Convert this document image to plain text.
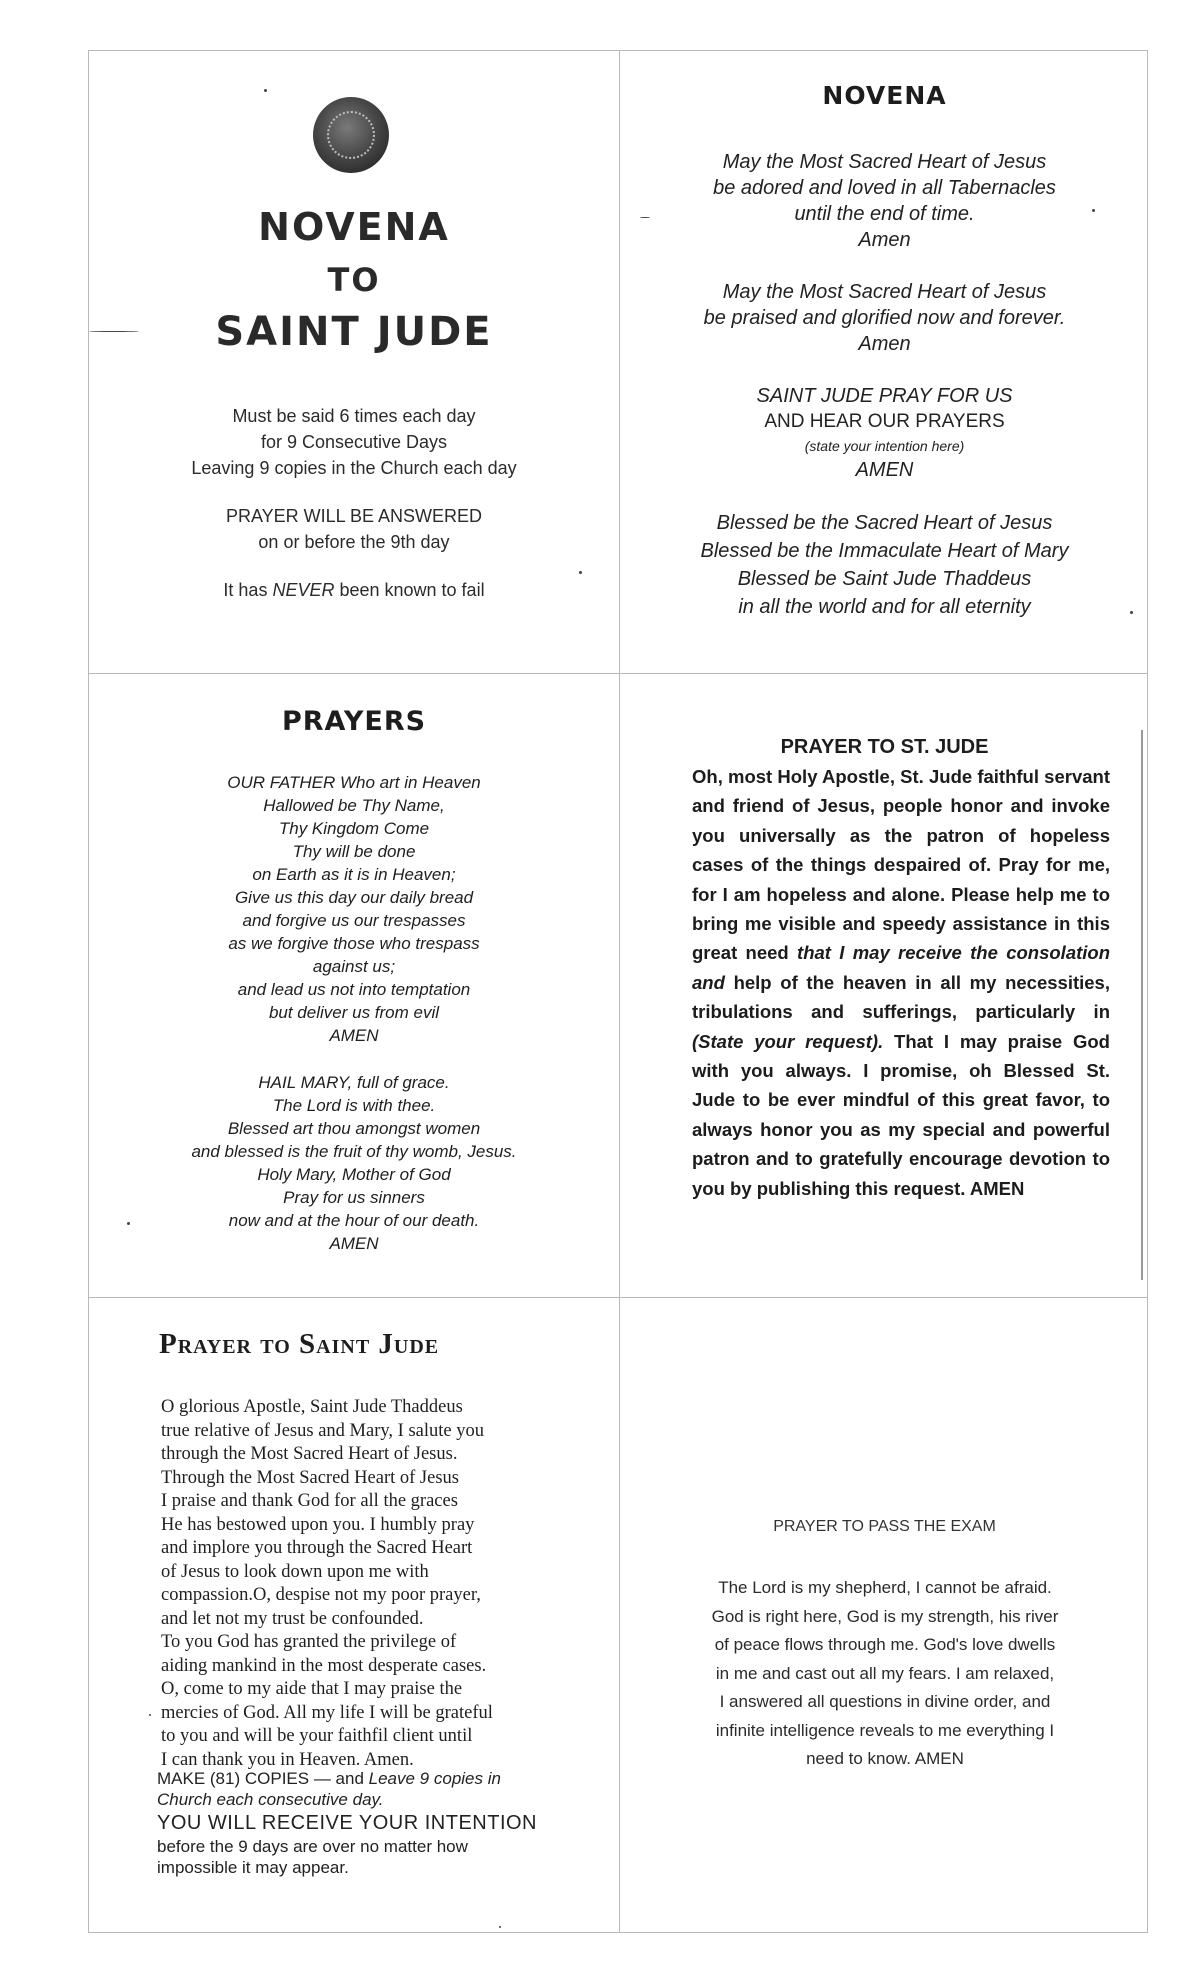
NOVENA
TO
SAINT JUDE

Must be said 6 times each day
for 9 Consecutive Days
Leaving 9 copies in the Church each day

PRAYER WILL BE ANSWERED
on or before the 9th day

It has NEVER been known to fail

NOVENA
May the Most Sacred Heart of Jesus
be adored and loved in all Tabernacles
until the end of time.
Amen
May the Most Sacred Heart of Jesus
be praised and glorified now and forever.
Amen
SAINT JUDE PRAY FOR US
AND HEAR OUR PRAYERS
(state your intention here)
AMEN
Blessed be the Sacred Heart of Jesus
Blessed be the Immaculate Heart of Mary
Blessed be Saint Jude Thaddeus
in all the world and for all eternity
PRAYERS
OUR FATHER Who art in Heaven
Hallowed be Thy Name,
Thy Kingdom Come
Thy will be done
on Earth as it is in Heaven;
Give us this day our daily bread
and forgive us our trespasses
as we forgive those who trespass
against us;
and lead us not into temptation
but deliver us from evil
AMEN
HAIL MARY, full of grace.
The Lord is with thee.
Blessed art thou amongst women
and blessed is the fruit of thy womb, Jesus.
Holy Mary, Mother of God
Pray for us sinners
now and at the hour of our death.
AMEN
PRAYER TO ST. JUDE
Oh, most Holy Apostle, St. Jude faithful servant and friend of Jesus, people honor and invoke you universally as the patron of hopeless cases of the things despaired of. Pray for me, for I am hopeless and alone. Please help me to bring me visible and speedy assistance in this great need that I may receive the consolation and help of the heaven in all my necessities, tribulations and sufferings, particularly in (State your request). That I may praise God with you always. I promise, oh Blessed St. Jude to be ever mindful of this great favor, to always honor you as my special and powerful patron and to gratefully encourage devotion to you by publishing this request. AMEN
Prayer to Saint Jude
O glorious Apostle, Saint Jude Thaddeus
true relative of Jesus and Mary, I salute you
through the Most Sacred Heart of Jesus.
Through the Most Sacred Heart of Jesus
I praise and thank God for all the graces
He has bestowed upon you. I humbly pray
and implore you through the Sacred Heart
of Jesus to look down upon me with
compassion.O, despise not my poor prayer,
and let not my trust be confounded.
To you God has granted the privilege of
aiding mankind in the most desperate cases.
O, come to my aide that I may praise the
mercies of God. All my life I will be grateful
to you and will be your faithfil client until
I can thank you in Heaven. Amen.
MAKE (81) COPIES — and Leave 9 copies in
Church each consecutive day.
YOU WILL RECEIVE YOUR INTENTION
before the 9 days are over no matter how
impossible it may appear.
PRAYER TO PASS THE EXAM
The Lord is my shepherd, I cannot be afraid.
God is right here, God is my strength, his river
of peace flows through me. God's love dwells
in me and cast out all my fears. I am relaxed,
I answered all questions in divine order, and
infinite intelligence reveals to me everything I
need to know. AMEN
